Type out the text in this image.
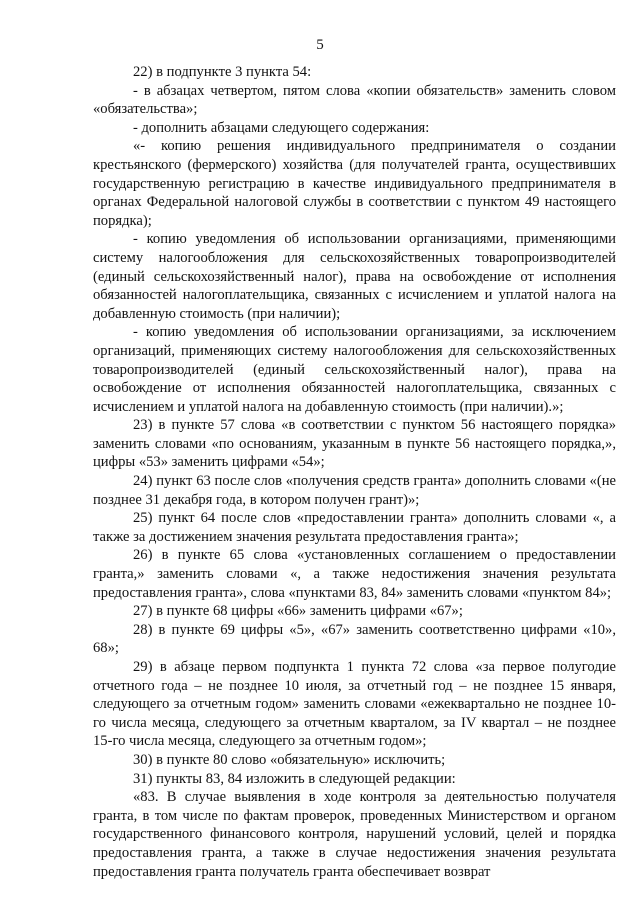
5

22) в подпункте 3 пункта 54:

- в абзацах четвертом, пятом слова «копии обязательств» заменить словом «обязательства»;

- дополнить абзацами следующего содержания:

«- копию решения индивидуального предпринимателя о создании крестьянского (фермерского) хозяйства (для получателей гранта, осуществивших государственную регистрацию в качестве индивидуального предпринимателя в органах Федеральной налоговой службы в соответствии с пунктом 49 настоящего порядка);

- копию уведомления об использовании организациями, применяющими систему налогообложения для сельскохозяйственных товаропроизводителей (единый сельскохозяйственный налог), права на освобождение от исполнения обязанностей налогоплательщика, связанных с исчислением и уплатой налога на добавленную стоимость (при наличии);

- копию уведомления об использовании организациями, за исключением организаций, применяющих систему налогообложения для сельскохозяйственных товаропроизводителей (единый сельскохозяйственный налог), права на освобождение от исполнения обязанностей налогоплательщика, связанных с исчислением и уплатой налога на добавленную стоимость (при наличии).»;

23) в пункте 57 слова «в соответствии с пунктом 56 настоящего порядка» заменить словами «по основаниям, указанным в пункте 56 настоящего порядка,», цифры «53» заменить цифрами «54»;

24) пункт 63 после слов «получения средств гранта» дополнить словами «(не позднее 31 декабря года, в котором получен грант)»;

25) пункт 64 после слов «предоставлении гранта» дополнить словами «, а также за достижением значения результата предоставления гранта»;

26) в пункте 65 слова «установленных соглашением о предоставлении гранта,» заменить словами «, а также недостижения значения результата предоставления гранта», слова «пунктами 83, 84» заменить словами «пунктом 84»;

27) в пункте 68 цифры «66» заменить цифрами «67»;

28) в пункте 69 цифры «5», «67» заменить соответственно цифрами «10», 68»;

29) в абзаце первом подпункта 1 пункта 72 слова «за первое полугодие отчетного года – не позднее 10 июля, за отчетный год – не позднее 15 января, следующего за отчетным годом» заменить словами «ежеквартально не позднее 10-го числа месяца, следующего за отчетным кварталом, за IV квартал – не позднее 15-го числа месяца, следующего за отчетным годом»;

30) в пункте 80 слово «обязательную» исключить;

31) пункты 83, 84 изложить в следующей редакции:

«83. В случае выявления в ходе контроля за деятельностью получателя гранта, в том числе по фактам проверок, проведенных Министерством и органом государственного финансового контроля, нарушений условий, целей и порядка предоставления гранта, а также в случае недостижения значения результата предоставления гранта получатель гранта обеспечивает возврат
